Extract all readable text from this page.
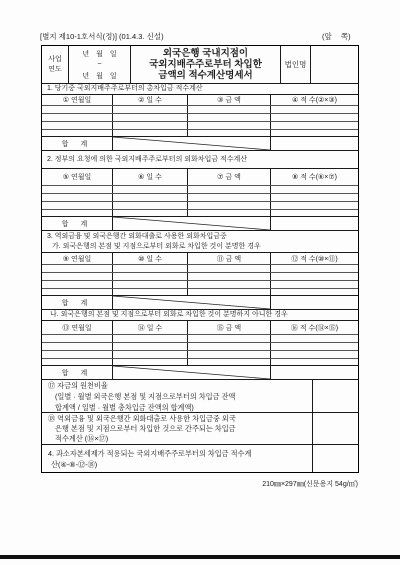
[별지 제10-1호서식(정)] (01.4.3. 신설)	(앞 쪽)
사업
연도
년 월 일
~
년 월 일
외국은행 국내지점이
국외지배주주로부터 차입한
금액의 적수계산명세서
법인명
1. 당기중 국외지배주주로부터의 총차입금 적수계산
① 연월일	② 일 수	③ 금 액	④ 적 수(②×③)
합 계
2. 정부의 요청에 의한 국외지배주주로부터의 외화차입금 적수계산
⑤ 연월일	⑥ 일 수	⑦ 금 액	⑧ 적 수(⑥×⑦)
합 계
3. 역외금융 및 외국은행간 외화대출로 사용한 외화차입금중
가. 외국은행의 본점 및 지점으로부터 외화로 차입한 것이 분명한 경우
⑨ 연월일	⑩ 일 수	⑪ 금 액	⑫ 적 수(⑩×⑪)
합 계
나. 외국은행의 본점 및 지점으로부터 외화로 차입한 것이 분명하지 아니한 경우
⑬ 연월일	⑭ 일 수	⑮ 금 액	⑯ 적 수(⑭×⑮)
합 계
⑰ 자금의 원천비율
(일별 · 월별 외국은행 본점 및 지점으로부터의 차입금 잔액
합계액 / 일별 · 월별 총차입금 잔액의 합계액)
⑱ 역외금융 및 외국은행간 외화대출로 사용한 차입금중 외국
은행 본점 및 지점으로부터 차입한 것으로 간주되는 차입금
적수계산 (⑯×⑰)
4. 과소자본세제가 적용되는 국외지배주주로부터의 차입금 적수계
산(④-⑧-⑫-⑱)
210㎜×297㎜(신문용지 54g/㎡)
